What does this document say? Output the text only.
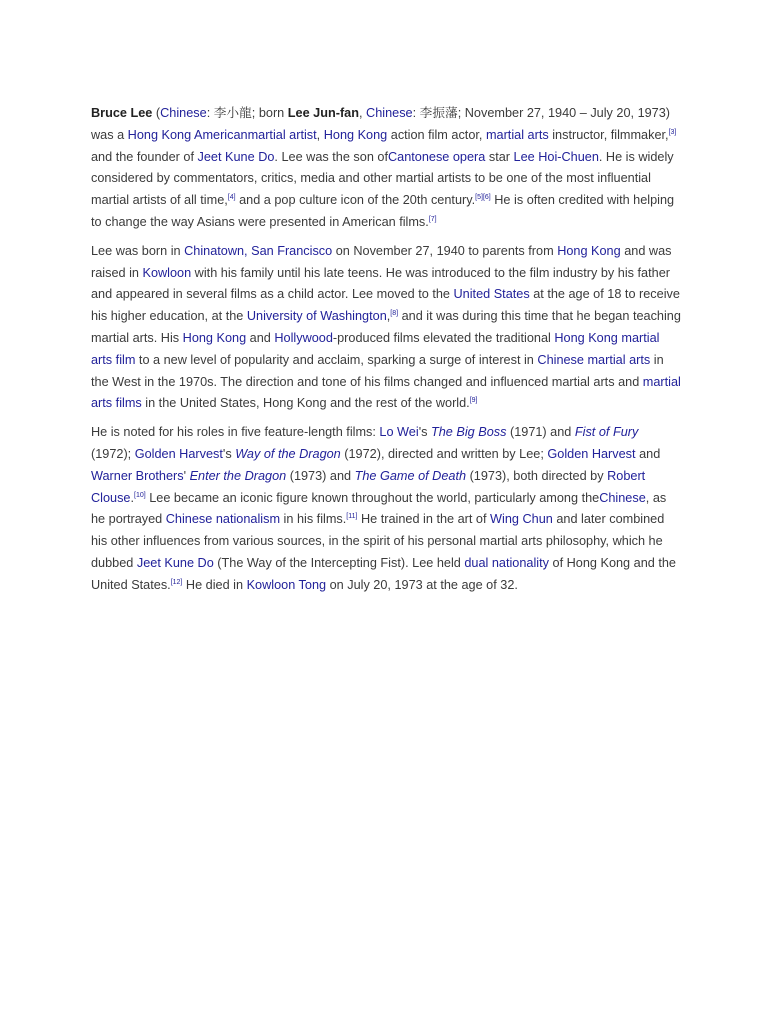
Bruce Lee (Chinese: 李小龍; born Lee Jun-fan, Chinese: 李振藩; November 27, 1940 – July 20, 1973) was a Hong Kong Americanmartial artist, Hong Kong action film actor, martial arts instructor, filmmaker,[3] and the founder of Jeet Kune Do. Lee was the son ofCantonese opera star Lee Hoi-Chuen. He is widely considered by commentators, critics, media and other martial artists to be one of the most influential martial artists of all time,[4] and a pop culture icon of the 20th century.[5][6] He is often credited with helping to change the way Asians were presented in American films.[7]

Lee was born in Chinatown, San Francisco on November 27, 1940 to parents from Hong Kong and was raised in Kowloon with his family until his late teens. He was introduced to the film industry by his father and appeared in several films as a child actor. Lee moved to the United States at the age of 18 to receive his higher education, at the University of Washington,[8] and it was during this time that he began teaching martial arts. His Hong Kong and Hollywood-produced films elevated the traditional Hong Kong martial arts film to a new level of popularity and acclaim, sparking a surge of interest in Chinese martial arts in the West in the 1970s. The direction and tone of his films changed and influenced martial arts and martial arts films in the United States, Hong Kong and the rest of the world.[9]

He is noted for his roles in five feature-length films: Lo Wei's The Big Boss (1971) and Fist of Fury (1972); Golden Harvest's Way of the Dragon (1972), directed and written by Lee; Golden Harvest and Warner Brothers' Enter the Dragon (1973) and The Game of Death (1973), both directed by Robert Clouse.[10] Lee became an iconic figure known throughout the world, particularly among theChinese, as he portrayed Chinese nationalism in his films.[11] He trained in the art of Wing Chun and later combined his other influences from various sources, in the spirit of his personal martial arts philosophy, which he dubbed Jeet Kune Do (The Way of the Intercepting Fist). Lee held dual nationality of Hong Kong and the United States.[12] He died in Kowloon Tong on July 20, 1973 at the age of 32.
